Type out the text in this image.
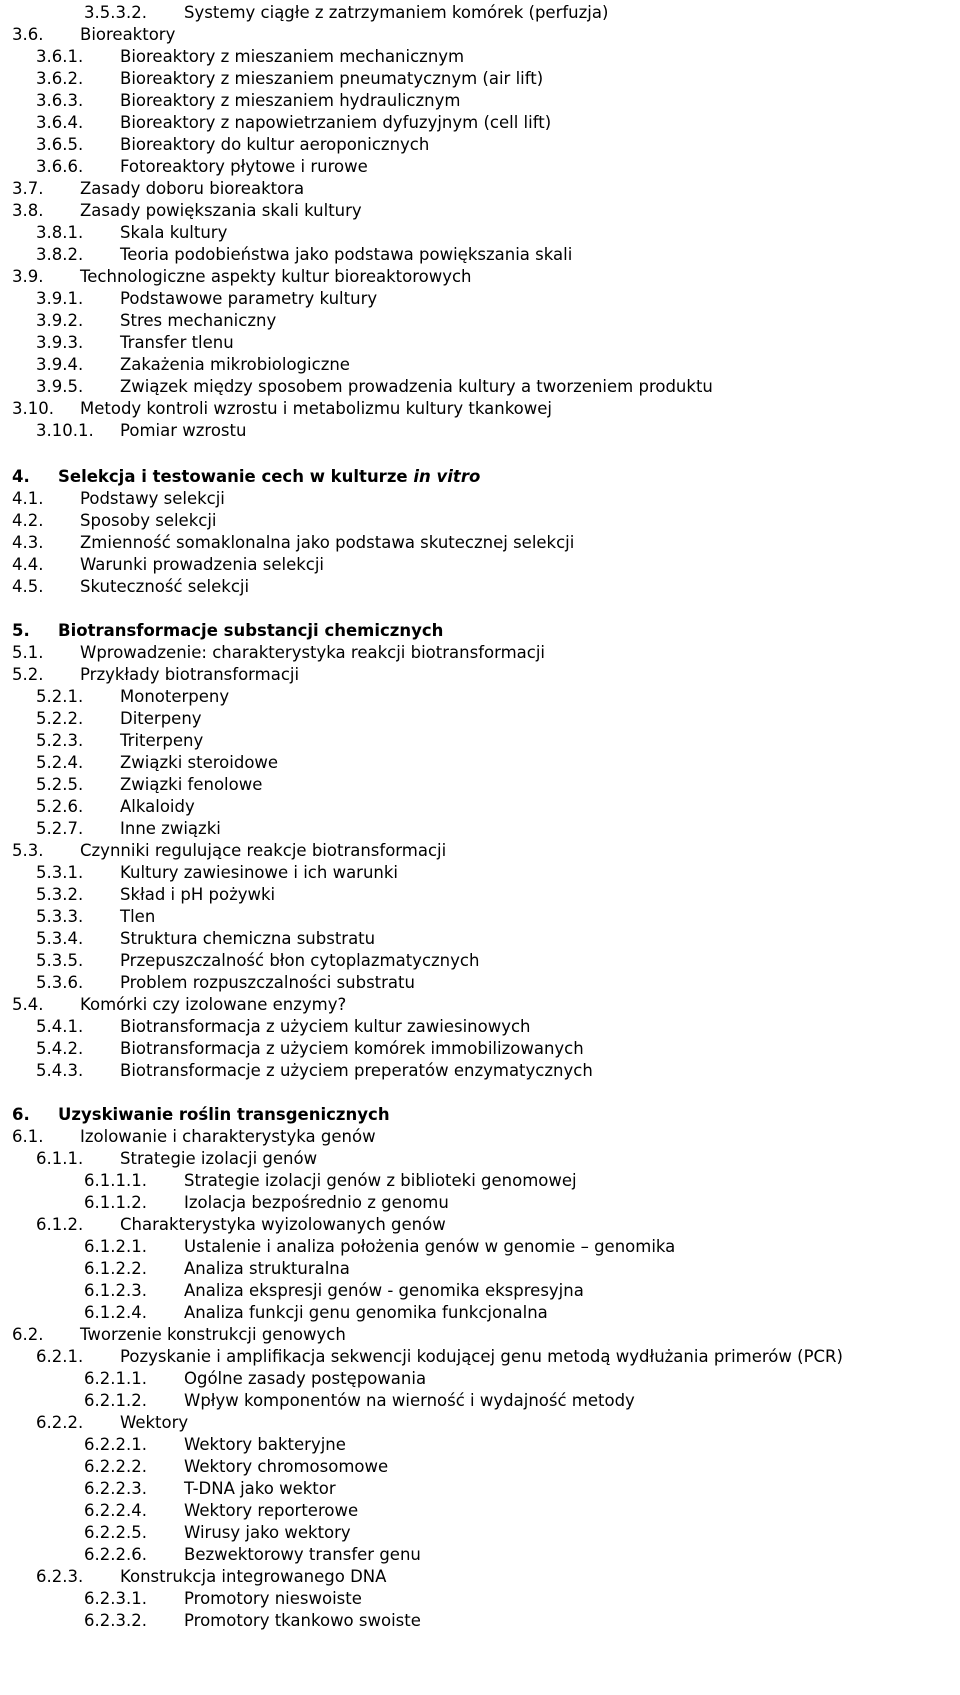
3.5.3.2. Systemy ciągłe z zatrzymaniem komórek (perfuzja)
3.6. Bioreaktory
3.6.1. Bioreaktory z mieszaniem mechanicznym
3.6.2. Bioreaktory z mieszaniem pneumatycznym (air lift)
3.6.3. Bioreaktory z mieszaniem hydraulicznym
3.6.4. Bioreaktory z napowietrzaniem dyfuzyjnym (cell lift)
3.6.5. Bioreaktory do kultur aeroponicznych
3.6.6. Fotoreaktory płytowe i rurowe
3.7. Zasady doboru bioreaktora
3.8. Zasady powiększania skali kultury
3.8.1. Skala kultury
3.8.2. Teoria podobieństwa jako podstawa powiększania skali
3.9. Technologiczne aspekty kultur bioreaktorowych
3.9.1. Podstawowe parametry kultury
3.9.2. Stres mechaniczny
3.9.3. Transfer tlenu
3.9.4. Zakażenia mikrobiologiczne
3.9.5. Związek między sposobem prowadzenia kultury a tworzeniem produktu
3.10. Metody kontroli wzrostu i metabolizmu kultury tkankowej
3.10.1. Pomiar wzrostu
4. Selekcja i testowanie cech w kulturze in vitro
4.1. Podstawy selekcji
4.2. Sposoby selekcji
4.3. Zmienność somaklonalna jako podstawa skutecznej selekcji
4.4. Warunki prowadzenia selekcji
4.5. Skuteczność selekcji
5. Biotransformacje substancji chemicznych
5.1. Wprowadzenie: charakterystyka reakcji biotransformacji
5.2. Przykłady biotransformacji
5.2.1. Monoterpeny
5.2.2. Diterpeny
5.2.3. Triterpeny
5.2.4. Związki steroidowe
5.2.5. Związki fenolowe
5.2.6. Alkaloidy
5.2.7. Inne związki
5.3. Czynniki regulujące reakcje biotransformacji
5.3.1. Kultury zawiesinowe i ich warunki
5.3.2. Skład i pH pożywki
5.3.3. Tlen
5.3.4. Struktura chemiczna substratu
5.3.5. Przepuszczalność błon cytoplazmatycznych
5.3.6. Problem rozpuszczalności substratu
5.4. Komórki czy izolowane enzymy?
5.4.1. Biotransformacja z użyciem kultur zawiesinowych
5.4.2. Biotransformacja z użyciem komórek immobilizowanych
5.4.3. Biotransformacje z użyciem preperatów enzymatycznych
6. Uzyskiwanie roślin transgenicznych
6.1. Izolowanie i charakterystyka genów
6.1.1. Strategie izolacji genów
6.1.1.1. Strategie izolacji genów z biblioteki genomowej
6.1.1.2. Izolacja bezpośrednio z genomu
6.1.2. Charakterystyka wyizolowanych genów
6.1.2.1. Ustalenie i analiza położenia genów w genomie – genomika
6.1.2.2. Analiza strukturalna
6.1.2.3. Analiza ekspresji genów - genomika ekspresyjna
6.1.2.4. Analiza funkcji genu genomika funkcjonalna
6.2. Tworzenie konstrukcji genowych
6.2.1. Pozyskanie i amplifikacja sekwencji kodującej genu metodą wydłużania primerów (PCR)
6.2.1.1. Ogólne zasady postępowania
6.2.1.2. Wpływ komponentów na wierność i wydajność metody
6.2.2. Wektory
6.2.2.1. Wektory bakteryjne
6.2.2.2. Wektory chromosomowe
6.2.2.3. T-DNA jako wektor
6.2.2.4. Wektory reporterowe
6.2.2.5. Wirusy jako wektory
6.2.2.6. Bezwektorowy transfer genu
6.2.3. Konstrukcja integrowanego DNA
6.2.3.1. Promotory nieswoiste
6.2.3.2. Promotory tkankowo swoiste
